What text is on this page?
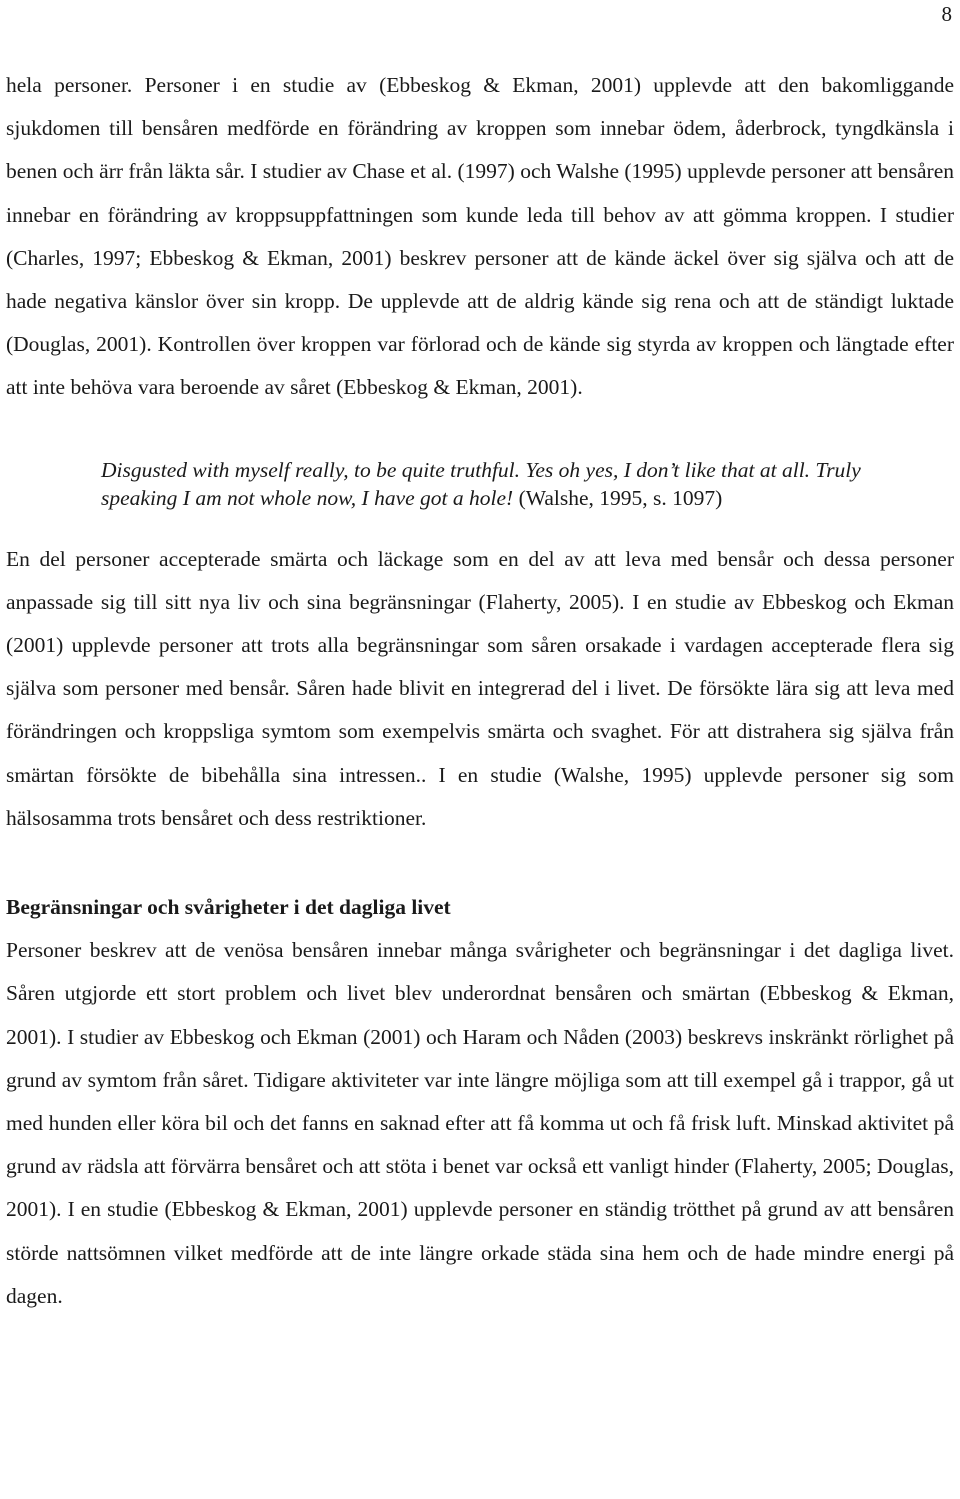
8

hela personer. Personer i en studie av (Ebbeskog & Ekman, 2001) upplevde att den bakomliggande sjukdomen till bensåren medförde en förändring av kroppen som innebar ödem, åderbrock, tyngdkänsla i benen och ärr från läkta sår. I studier av Chase et al. (1997) och Walshe (1995) upplevde personer att bensåren innebar en förändring av kroppsuppfattningen som kunde leda till behov av att gömma kroppen. I studier (Charles, 1997; Ebbeskog & Ekman, 2001) beskrev personer att de kände äckel över sig själva och att de hade negativa känslor över sin kropp. De upplevde att de aldrig kände sig rena och att de ständigt luktade (Douglas, 2001). Kontrollen över kroppen var förlorad och de kände sig styrda av kroppen och längtade efter att inte behöva vara beroende av såret (Ebbeskog & Ekman, 2001).

Disgusted with myself really, to be quite truthful. Yes oh yes, I don’t like that at all. Truly speaking I am not whole now, I have got a hole! (Walshe, 1995, s. 1097)

En del personer accepterade smärta och läckage som en del av att leva med bensår och dessa personer anpassade sig till sitt nya liv och sina begränsningar (Flaherty, 2005). I en studie av Ebbeskog och Ekman (2001) upplevde personer att trots alla begränsningar som såren orsakade i vardagen accepterade flera sig själva som personer med bensår. Såren hade blivit en integrerad del i livet. De försökte lära sig att leva med förändringen och kroppsliga symtom som exempelvis smärta och svaghet. För att distrahera sig själva från smärtan försökte de bibehålla sina intressen.. I en studie (Walshe, 1995) upplevde personer sig som hälsosamma trots bensåret och dess restriktioner.

Begränsningar och svårigheter i det dagliga livet

Personer beskrev att de venösa bensåren innebar många svårigheter och begränsningar i det dagliga livet. Såren utgjorde ett stort problem och livet blev underordnat bensåren och smärtan (Ebbeskog & Ekman, 2001). I studier av Ebbeskog och Ekman (2001) och Haram och Nåden (2003) beskrevs inskränkt rörlighet på grund av symtom från såret. Tidigare aktiviteter var inte längre möjliga som att till exempel gå i trappor, gå ut med hunden eller köra bil och det fanns en saknad efter att få komma ut och få frisk luft. Minskad aktivitet på grund av rädsla att förvärra bensåret och att stöta i benet var också ett vanligt hinder (Flaherty, 2005; Douglas, 2001). I en studie (Ebbeskog & Ekman, 2001) upplevde personer en ständig trötthet på grund av att bensåren störde nattsömnen vilket medförde att de inte längre orkade städa sina hem och de hade mindre energi på dagen.
